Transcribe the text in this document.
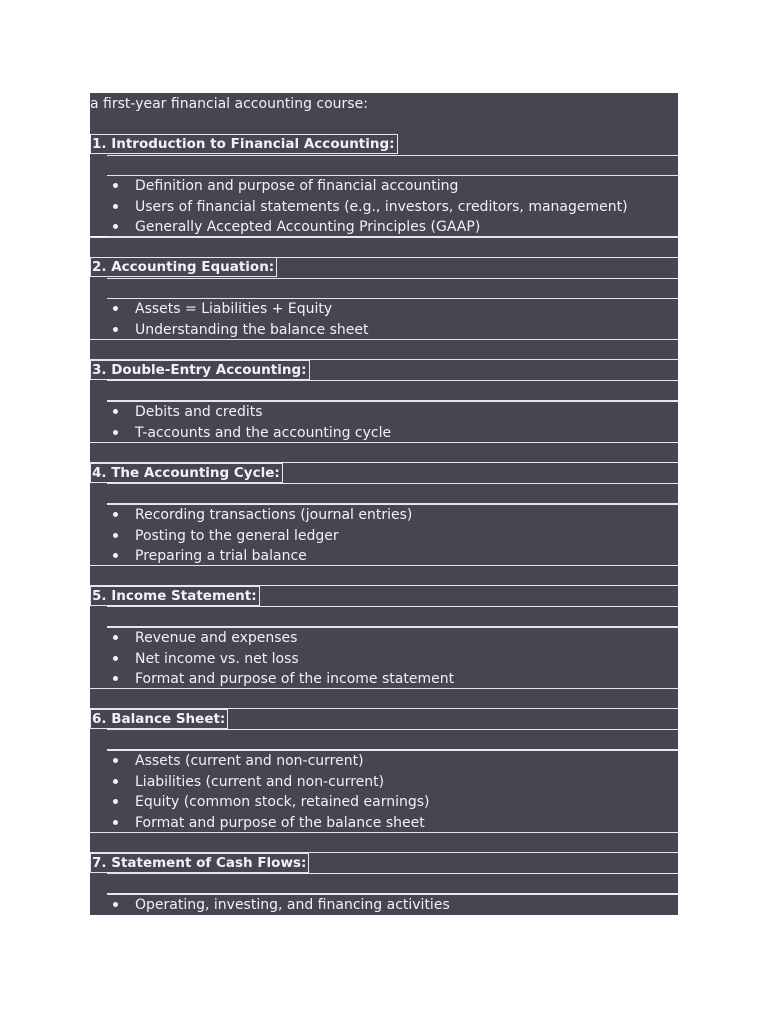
a first-year financial accounting course:
1. Introduction to Financial Accounting:
Definition and purpose of financial accounting
Users of financial statements (e.g., investors, creditors, management)
Generally Accepted Accounting Principles (GAAP)
2. Accounting Equation:
Assets = Liabilities + Equity
Understanding the balance sheet
3. Double-Entry Accounting:
Debits and credits
T-accounts and the accounting cycle
4. The Accounting Cycle:
Recording transactions (journal entries)
Posting to the general ledger
Preparing a trial balance
5. Income Statement:
Revenue and expenses
Net income vs. net loss
Format and purpose of the income statement
6. Balance Sheet:
Assets (current and non-current)
Liabilities (current and non-current)
Equity (common stock, retained earnings)
Format and purpose of the balance sheet
7. Statement of Cash Flows:
Operating, investing, and financing activities
